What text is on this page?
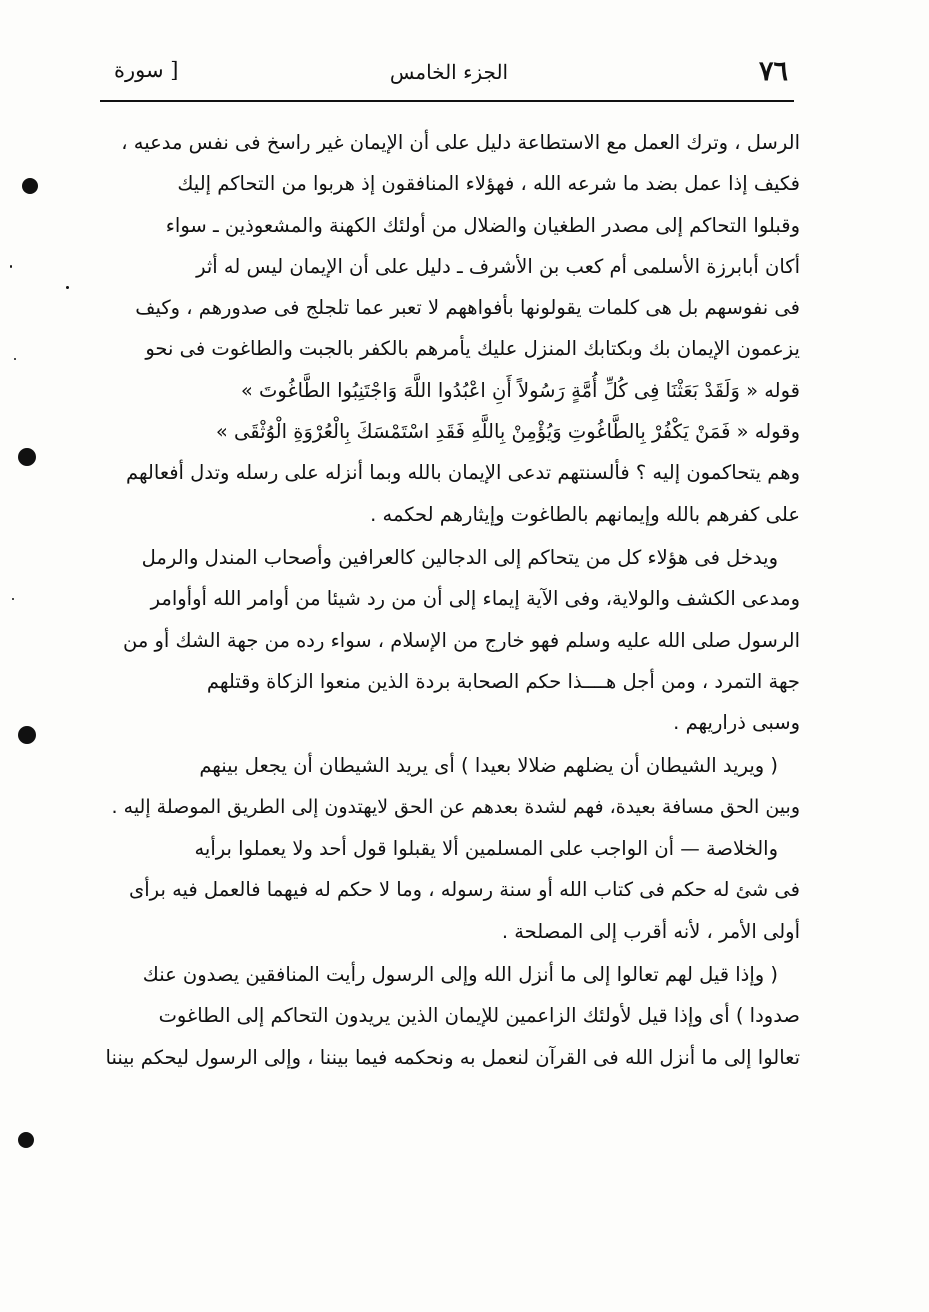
٧٦
الجزء الخامس
[ سورة
الرسل ، وترك العمل مع الاستطاعة دليل على أن الإيمان غير راسخ فى نفس مدعيه ،
فكيف إذا عمل بضد ما شرعه الله ، فهؤلاء المنافقون إذ هربوا من التحاكم إليك
وقبلوا التحاكم إلى مصدر الطغيان والضلال من أولئك الكهنة والمشعوذين ـ سواء
أكان أبابرزة الأسلمى أم كعب بن الأشرف ـ دليل على أن الإيمان ليس له أثر
فى نفوسهم بل هى كلمات يقولونها بأفواههم لا تعبر عما تلجلج فى صدورهم ، وكيف
يزعمون الإيمان بك وبكتابك المنزل عليك يأمرهم بالكفر بالجبت والطاغوت فى نحو
قوله « وَلَقَدْ بَعَثْنَا فِى كُلِّ أُمَّةٍ رَسُولاً أَنِ اعْبُدُوا اللَّهَ وَاجْتَنِبُوا الطَّاغُوتَ »
وقوله « فَمَنْ يَكْفُرْ بِالطَّاغُوتِ وَيُؤْمِنْ بِاللَّهِ فَقَدِ اسْتَمْسَكَ بِالْعُرْوَةِ الْوُثْقَى »
وهم يتحاكمون إليه ؟ فألسنتهم تدعى الإيمان بالله وبما أنزله على رسله وتدل أفعالهم
على كفرهم بالله وإيمانهم بالطاغوت وإيثارهم لحكمه .
ويدخل فى هؤلاء كل من يتحاكم إلى الدجالين كالعرافين وأصحاب المندل والرمل
ومدعى الكشف والولاية، وفى الآية إيماء إلى أن من رد شيئا من أوامر الله أوأوامر
الرسول صلى الله عليه وسلم فهو خارج من الإسلام ، سواء رده من جهة الشك أو من
جهة التمرد ، ومن أجل هــــذا حكم الصحابة بردة الذين منعوا الزكاة وقتلهم
وسبى ذراريهم .
( ويريد الشيطان أن يضلهم ضلالا بعيدا ) أى يريد الشيطان أن يجعل بينهم
وبين الحق مسافة بعيدة، فهم لشدة بعدهم عن الحق لايهتدون إلى الطريق الموصلة إليه .
والخلاصة — أن الواجب على المسلمين ألا يقبلوا قول أحد ولا يعملوا برأيه
فى شئ له حكم فى كتاب الله أو سنة رسوله ، وما لا حكم له فيهما فالعمل فيه برأى
أولى الأمر ، لأنه أقرب إلى المصلحة .
( وإذا قيل لهم تعالوا إلى ما أنزل الله وإلى الرسول رأيت المنافقين يصدون عنك
صدودا ) أى وإذا قيل لأولئك الزاعمين للإيمان الذين يريدون التحاكم إلى الطاغوت
تعالوا إلى ما أنزل الله فى القرآن لنعمل به ونحكمه فيما بيننا ، وإلى الرسول ليحكم بيننا
